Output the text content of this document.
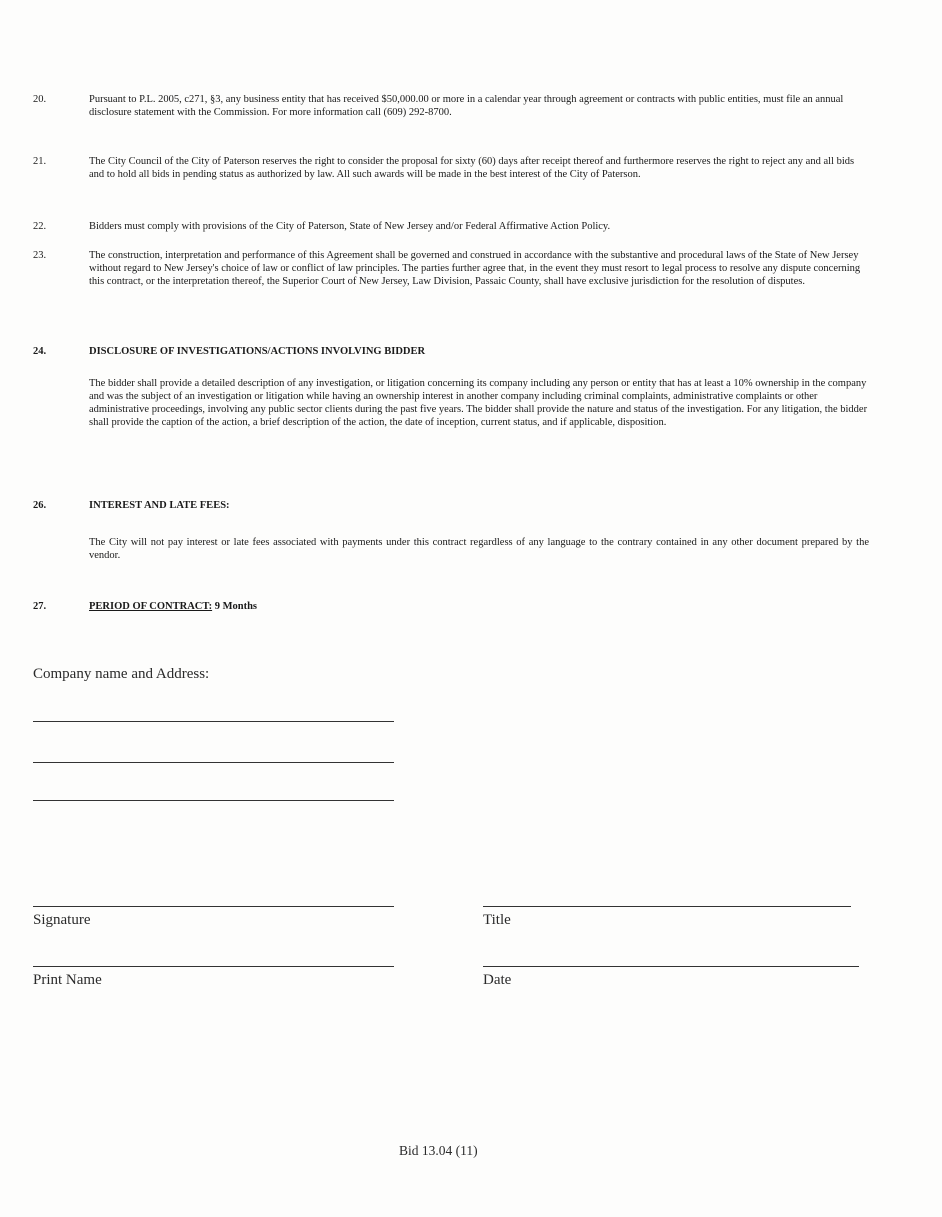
20.	Pursuant to P.L. 2005, c271, §3, any business entity that has received $50,000.00 or more in a calendar year through agreement or contracts with public entities, must file an annual disclosure statement with the Commission. For more information call (609) 292-8700.
21.	The City Council of the City of Paterson reserves the right to consider the proposal for sixty (60) days after receipt thereof and furthermore reserves the right to reject any and all bids and to hold all bids in pending status as authorized by law. All such awards will be made in the best interest of the City of Paterson.
22.	Bidders must comply with provisions of the City of Paterson, State of New Jersey and/or Federal Affirmative Action Policy.
23.	The construction, interpretation and performance of this Agreement shall be governed and construed in accordance with the substantive and procedural laws of the State of New Jersey without regard to New Jersey's choice of law or conflict of law principles. The parties further agree that, in the event they must resort to legal process to resolve any dispute concerning this contract, or the interpretation thereof, the Superior Court of New Jersey, Law Division, Passaic County, shall have exclusive jurisdiction for the resolution of disputes.
24.	DISCLOSURE OF INVESTIGATIONS/ACTIONS INVOLVING BIDDER
The bidder shall provide a detailed description of any investigation, or litigation concerning its company including any person or entity that has at least a 10% ownership in the company and was the subject of an investigation or litigation while having an ownership interest in another company including criminal complaints, administrative complaints or other administrative proceedings, involving any public sector clients during the past five years. The bidder shall provide the nature and status of the investigation. For any litigation, the bidder shall provide the caption of the action, a brief description of the action, the date of inception, current status, and if applicable, disposition.
26.	INTEREST AND LATE FEES:
The City will not pay interest or late fees associated with payments under this contract regardless of any language to the contrary contained in any other document prepared by the vendor.
27.	PERIOD OF CONTRACT: 9 Months
Company name and Address:
Signature	Title
Print Name	Date
Bid 13.04 (11)
